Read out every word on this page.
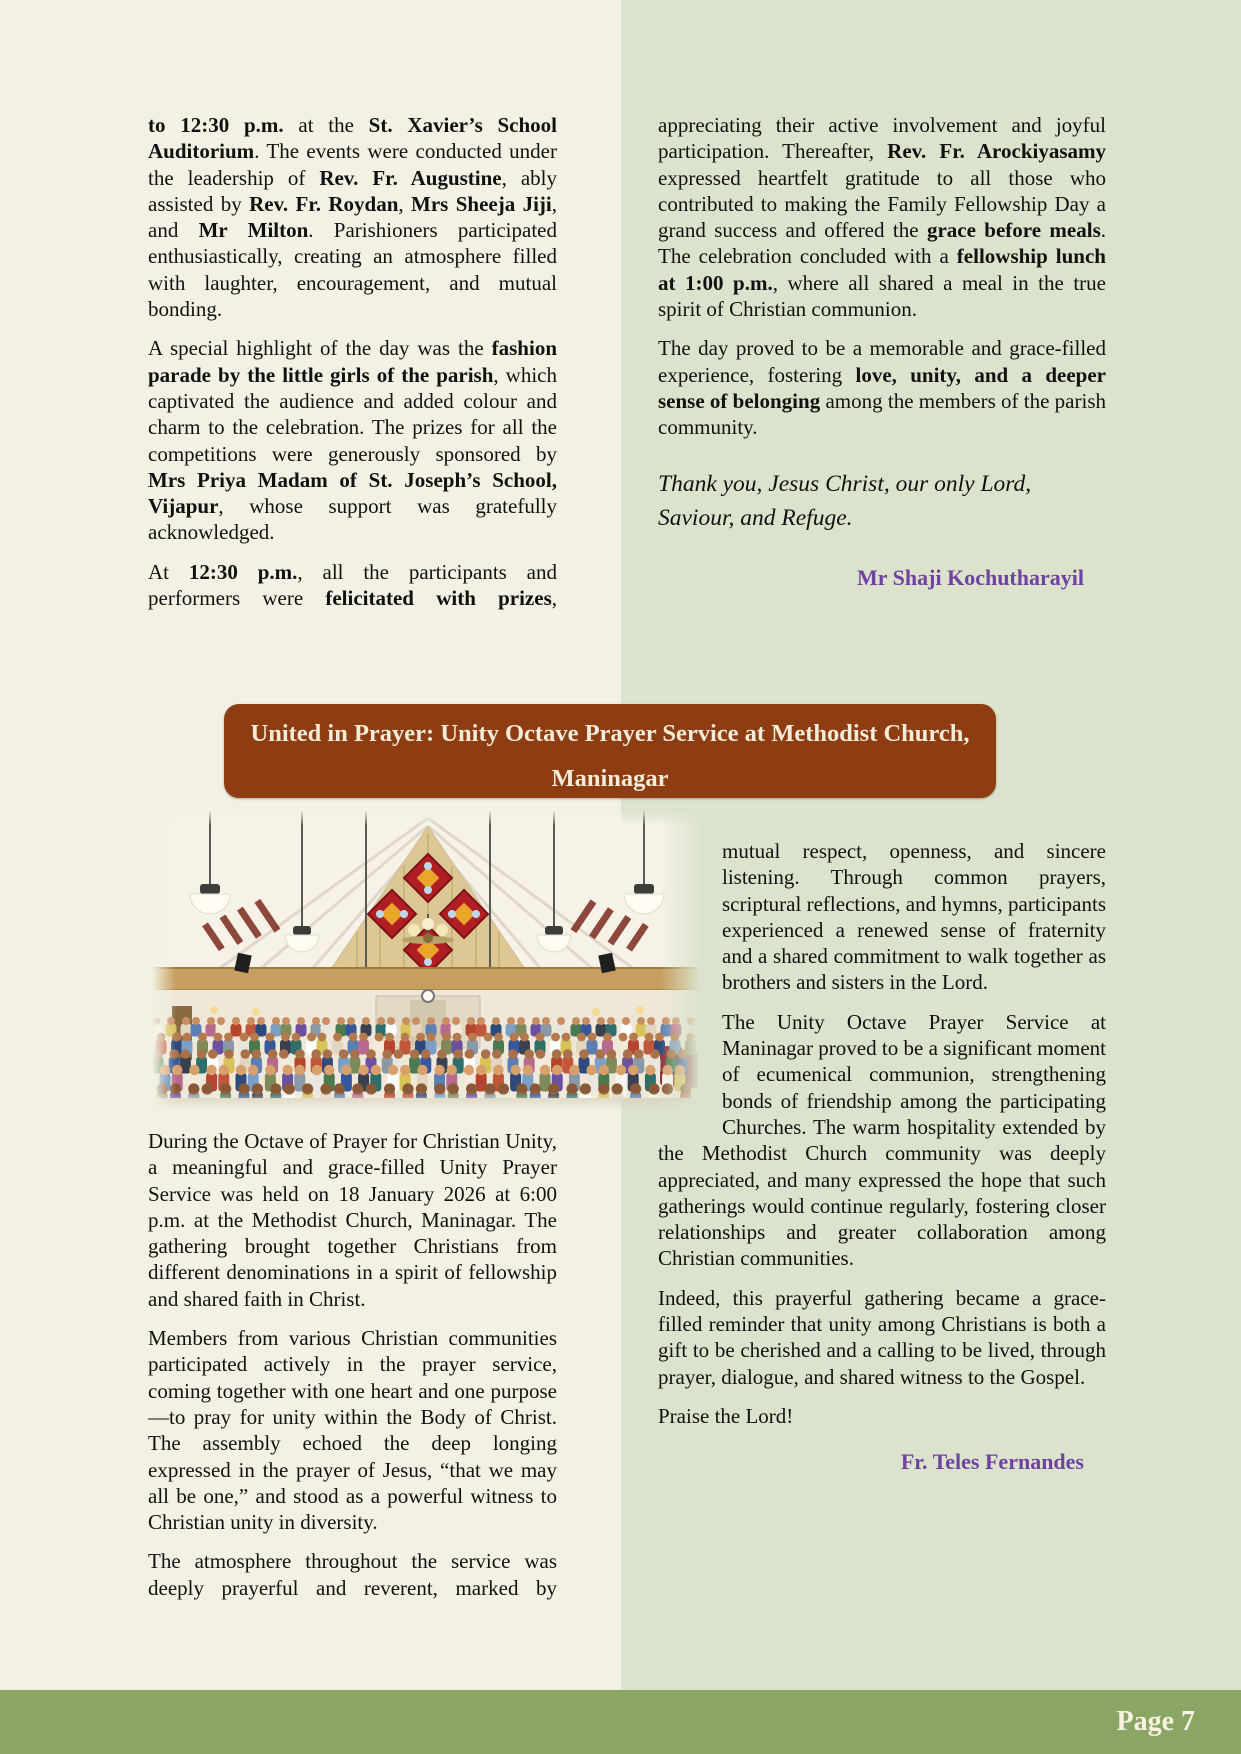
to 12:30 p.m. at the St. Xavier’s School Auditorium. The events were conducted under the leadership of Rev. Fr. Augustine, ably assisted by Rev. Fr. Roydan, Mrs Sheeja Jiji, and Mr Milton. Parishioners participated enthusiastically, creating an atmosphere filled with laughter, encouragement, and mutual bonding.

A special highlight of the day was the fashion parade by the little girls of the parish, which captivated the audience and added colour and charm to the celebration. The prizes for all the competitions were generously sponsored by Mrs Priya Madam of St. Joseph’s School, Vijapur, whose support was gratefully acknowledged.

At 12:30 p.m., all the participants and performers were felicitated with prizes,

appreciating their active involvement and joyful participation. Thereafter, Rev. Fr. Arockiyasamy expressed heartfelt gratitude to all those who contributed to making the Family Fellowship Day a grand success and offered the grace before meals. The celebration concluded with a fellowship lunch at 1:00 p.m., where all shared a meal in the true spirit of Christian communion.

The day proved to be a memorable and grace-filled experience, fostering love, unity, and a deeper sense of belonging among the members of the parish community.

Thank you, Jesus Christ, our only Lord, Saviour, and Refuge.

Mr Shaji Kochutharayil

United in Prayer: Unity Octave Prayer Service at Methodist Church,
Maninagar

During the Octave of Prayer for Christian Unity, a meaningful and grace-filled Unity Prayer Service was held on 18 January 2026 at 6:00 p.m. at the Methodist Church, Maninagar. The gathering brought together Christians from different denominations in a spirit of fellowship and shared faith in Christ.

Members from various Christian communities participated actively in the prayer service, coming together with one heart and one purpose—to pray for unity within the Body of Christ. The assembly echoed the deep longing expressed in the prayer of Jesus, “that we may all be one,” and stood as a powerful witness to Christian unity in diversity.

The atmosphere throughout the service was deeply prayerful and reverent, marked by

mutual respect, openness, and sincere listening. Through common prayers, scriptural reflections, and hymns, participants experienced a renewed sense of fraternity and a shared commitment to walk together as brothers and sisters in the Lord.

The Unity Octave Prayer Service at Maninagar proved to be a significant moment of ecumenical communion, strengthening bonds of friendship among the participating Churches. The warm hospitality extended by the Methodist Church community was deeply appreciated, and many expressed the hope that such gatherings would continue regularly, fostering closer relationships and greater collaboration among Christian communities.

Indeed, this prayerful gathering became a grace-filled reminder that unity among Christians is both a gift to be cherished and a calling to be lived, through prayer, dialogue, and shared witness to the Gospel.

Praise the Lord!

Fr. Teles Fernandes

Page 7
